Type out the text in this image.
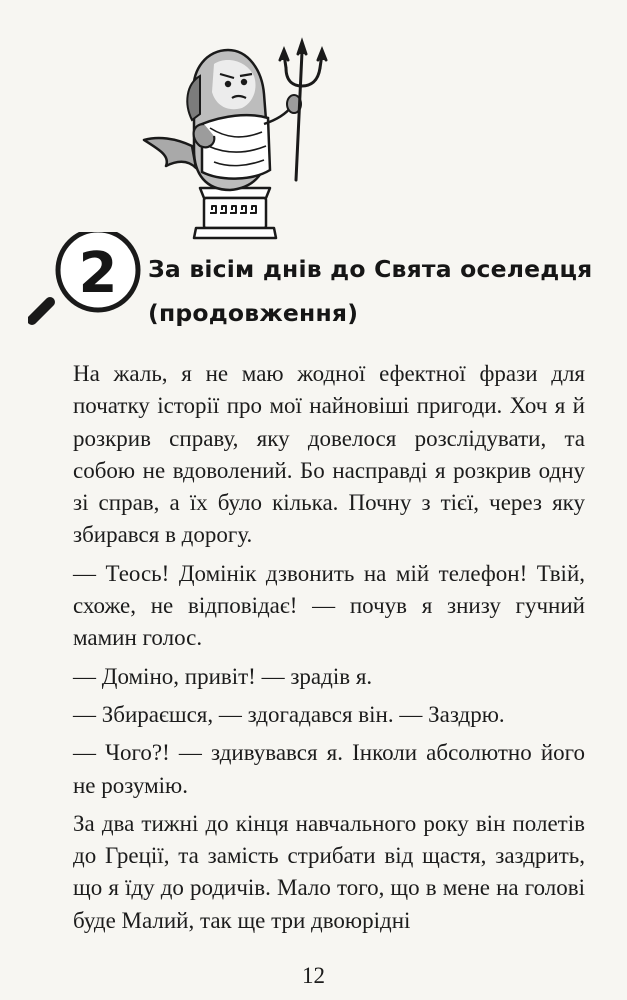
2 За вісім днів до Свята оселедця
(продовження)

На жаль, я не маю жодної ефектної фрази для початку історії про мої найновіші пригоди. Хоч я й розкрив справу, яку довелося розслідувати, та собою не вдоволений. Бо насправді я розкрив одну зі справ, а їх було кілька. Почну з тієї, через яку збирався в дорогу.

— Теось! Домінік дзвонить на мій телефон! Твій, схоже, не відповідає! — почув я знизу гучний мамин голос.

— Доміно, привіт! — зрадів я.

— Збираєшся, — здогадався він. — Заздрю.

— Чого?! — здивувався я. Інколи абсолютно його не розумію.

За два тижні до кінця навчального року він полетів до Греції, та замість стрибати від щастя, заздрить, що я їду до родичів. Мало того, що в мене на голові буде Малий, так ще три двоюрідні

12
